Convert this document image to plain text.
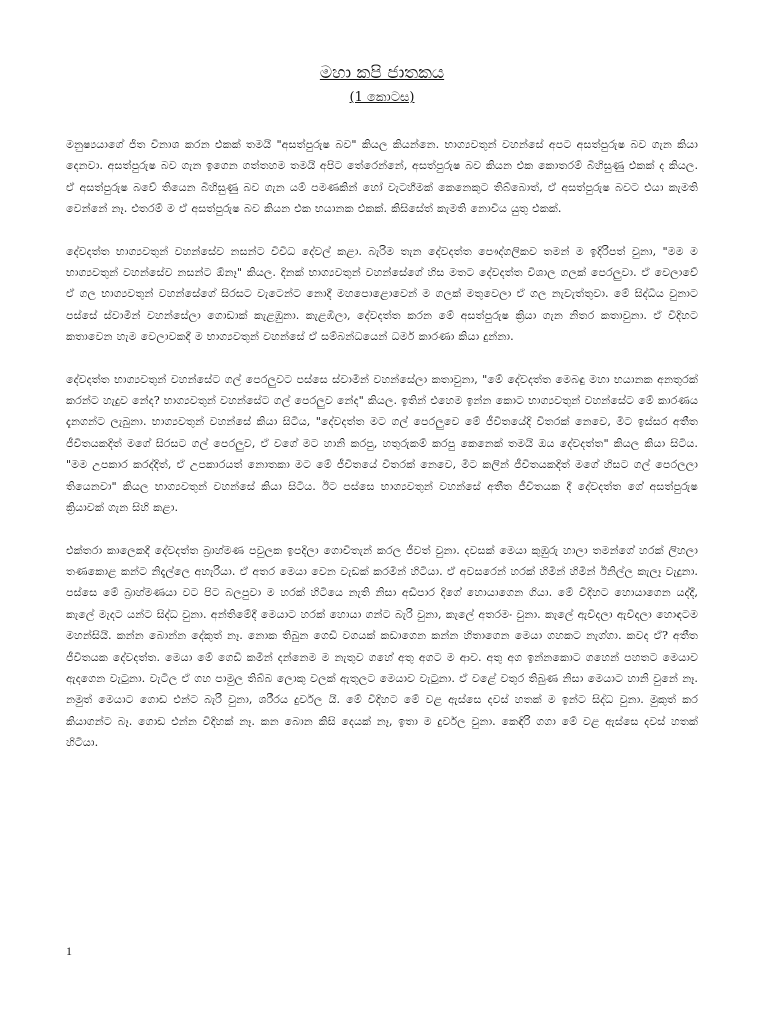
මහා කපි ජාතකය
(1 කොටස)

මනුෂ්‍යයාගේ ජිත විනාශ කරන එකක් තමයි "අසත්පුරුෂ බව" කියල කියන්නෙ. භාග්‍යවතුන් වහන්සේ අපට අසත්පුරුෂ බව ගැන කියා දෙනවා. අසත්පුරුෂ බව ගැන ඉගෙන ගත්තහම තමයි අපිට තේරෙන්නේ, අසත්පුරුෂ බව කියන එක කොතරම් බිහිසුණු එකක් ද කියල. ඒ අසත්පුරුෂ බවේ තියෙන බිහිසුණු බව ගැන යම් පමණකින් හෝ වැටහීමක් කෙනෙකුට තිබ්බොත්, ඒ අසත්පුරුෂ බවට එයා කැමති වෙන්නේ නෑ. එතරම් ම ඒ අසත්පුරුෂ බව කියන එක භයානක එකක්. කිසිසේත් කැමති නොවිය යුතු එකක්.

දේවදත්ත භාග්‍යවතුන් වහන්සේව නසන්ට විවිධ දේවල් කළා. බැරිම තැන දේවදත්ත පෞද්ගලිකව තමන් ම ඉදිරිපත් වුනා, "මම ම භාග්‍යවතුන් වහන්සේව නසන්ට ඕනෑ" කියල. දිනක් භාග්‍යවතුන් වහන්සේගේ හිස මතට දේවදත්ත විශාල ගලක් පෙරලුවා. ඒ වෙලාවේ ඒ ගල භාග්‍යවතුන් වහන්සේගේ සිරසට වැටෙන්ට නොදී මහපොළොවෙන් ම ගලක් මතුවෙලා ඒ ගල නැවැත්තුවා. මේ සිද්ධිය වුනාට පස්සේ ස්වාමීන් වහන්සේලා ගොඩාක් කැළඹුනා. කැළඹිලා, දේවදත්ත කරන මේ අසත්පුරුෂ ක්‍රියා ගැන නිතර කතාවුනා. ඒ විදිහට කතාවෙන හැම වෙලාවකදී ම භාග්‍යවතුන් වහන්සේ ඒ සම්බන්ධයෙන් ධර්ම කාරණා කියා දුන්නා.

දේවදත්ත භාග්‍යවතුන් වහන්සේට ගල් පෙරලුවට පස්සෙ ස්වාමීන් වහන්සේලා කතාවුනා, "මේ දේවදත්ත මෙබඳු මහා භයානක අනතුරක් කරන්ට හැදුව නේද? භාග්‍යවතුන් වහන්සේට ගල් පෙරලුව නේද" කියල. ඉතින් එහෙම ඉන්න කොට භාග්‍යවතුන් වහන්සේට මේ කාරණය දැනගන්ට ලැබුනා. භාග්‍යවතුන් වහන්සේ කියා සිටිය, "දේවදත්ත මට ගල් පෙරලුවෙ මේ ජීවිතයේදි විතරක් නෙවෙ, මීට ඉස්සර අතීත ජීවිතයකදිත් මගේ සිරසට ගල් පෙරලුව, ඒ වගේ මට හානි කරපු, හතුරුකම් කරපු කෙනෙක් තමයි ඔය දේවදත්ත" කියල කියා සිටිය. "මම උපකාර කරද්දිත්, ඒ උපකාරයත් නොතකා මට මේ ජීවිතයේ විතරක් නෙවෙ, මීට කලින් ජීවිතයකදිත් මගේ හිසට ගල් පෙරලලා තියෙනවා" කියල භාග්‍යවතුන් වහන්සේ කියා සිටිය. ඊට පස්සෙ භාග්‍යවතුන් වහන්සේ අතීත ජීවිතයක දී දේවදත්ත ගේ අසත්පුරුෂ ක්‍රියාවක් ගැන සිහි කළා.

එක්තරා කාලෙකදී දේවදත්ත බ්‍රාහ්මණ පවුලක ඉපදිලා ගොවිතැන් කරල ජීවත් වුනා. දවසක් මෙයා කුඹුරු හාලා තමන්ගේ හරක් ලිහලා තණකොළ කන්ට නිදැල්ලෙ අහැරියා. ඒ අතර මෙයා වෙන වැඩක් කරමින් හිටියා. ඒ අවසරෙන් හරක් හිමින් හිමින් ඊනිල්ල කැලෑ වැදුනා. පස්සෙ මේ බ්‍රාහ්මණයා වට පිට බලපුවා ම හරක් හිටියෙ නැති නිසා අඩිපාර දිගේ හොයාගෙන ගියා. මේ විදිහට හොයාගෙන යද්දී, කැලේ මැදට යන්ට සිද්ධ වුනා. අන්තිමේදී මෙයාට හරක් හොයා ගන්ට බැරි වුනා, කැලේ අතරමං වුනා. කැලේ ඇවිදලා ඇවිදලා හොඳටම මහන්සියි. කන්න බොන්න දේකුත් නෑ. නොක තිබුන ගෙඩි වගයක් කඩාගෙන කන්න හිතාගෙන මෙයා ගහකට නැග්ගා. කවද ඒ? අතීත ජීවිතයක දේවදත්ත. මෙයා මේ ගෙඩි කමින් දන්නෙම ම නැතුව ගහේ අතු අගට ම ආව. අතු අග ඉන්නකොට ගහෙන් පහතට මෙයාව ඇදගෙන වැටුනා. වැටිල ඒ ගහ පාමුල තිබ්බ ලොකු වලක් ඇතුලට මෙයාව වැටුනා. ඒ වළේ වතුර තිබුණ නිසා මෙයාට හානි වුනේ නෑ. නමුත් මෙයාට ගොඩ එන්ට බැරි වුනා, ශරීරය දුර්වල යි. මේ විදිහට මේ වළ ඇස්සෙ දවස් හතක් ම ඉන්ට සිද්ධ වුනා. මුකුත් කර කියාගන්ට බෑ. ගොඩ එන්න විදිහක් නෑ. කන බොන කිසි දෙයක් නෑ, ඉතා ම දුර්වල වුනා. කෙඳිරි ගගා මේ වළ ඇස්සෙ දවස් හතක් හිටියා.

1
